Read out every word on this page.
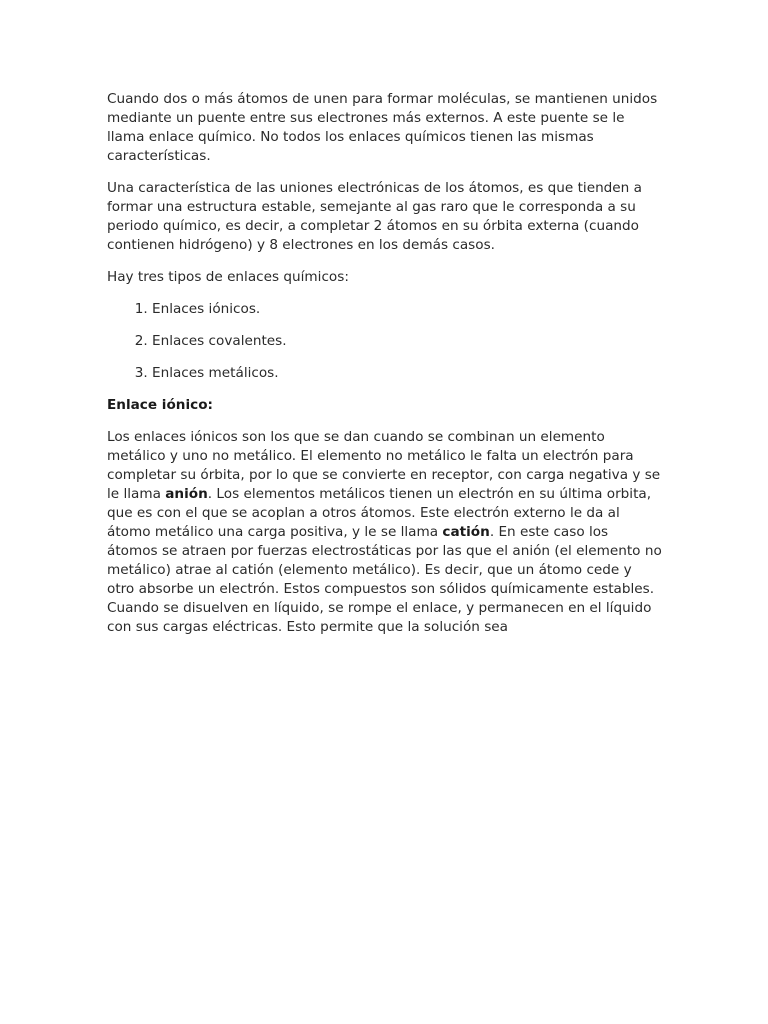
Cuando dos o más átomos de unen para formar moléculas, se mantienen unidos mediante un puente entre sus electrones más externos. A este puente se le llama enlace químico. No todos los enlaces químicos tienen las mismas características.

Una característica de las uniones electrónicas de los átomos, es que tienden a formar una estructura estable, semejante al gas raro que le corresponda a su periodo químico, es decir, a completar 2 átomos en su órbita externa (cuando contienen hidrógeno) y 8 electrones en los demás casos.

Hay tres tipos de enlaces químicos:

1. Enlaces iónicos.
2. Enlaces covalentes.
3. Enlaces metálicos.

Enlace iónico:

Los enlaces iónicos son los que se dan cuando se combinan un elemento metálico y uno no metálico. El elemento no metálico le falta un electrón para completar su órbita, por lo que se convierte en receptor, con carga negativa y se le llama anión. Los elementos metálicos tienen un electrón en su última orbita, que es con el que se acoplan a otros átomos. Este electrón externo le da al átomo metálico una carga positiva, y le se llama catión. En este caso los átomos se atraen por fuerzas electrostáticas por las que el anión (el elemento no metálico) atrae al catión (elemento metálico). Es decir, que un átomo cede y otro absorbe un electrón. Estos compuestos son sólidos químicamente estables. Cuando se disuelven en líquido, se rompe el enlace, y permanecen en el líquido con sus cargas eléctricas. Esto permite que la solución sea
